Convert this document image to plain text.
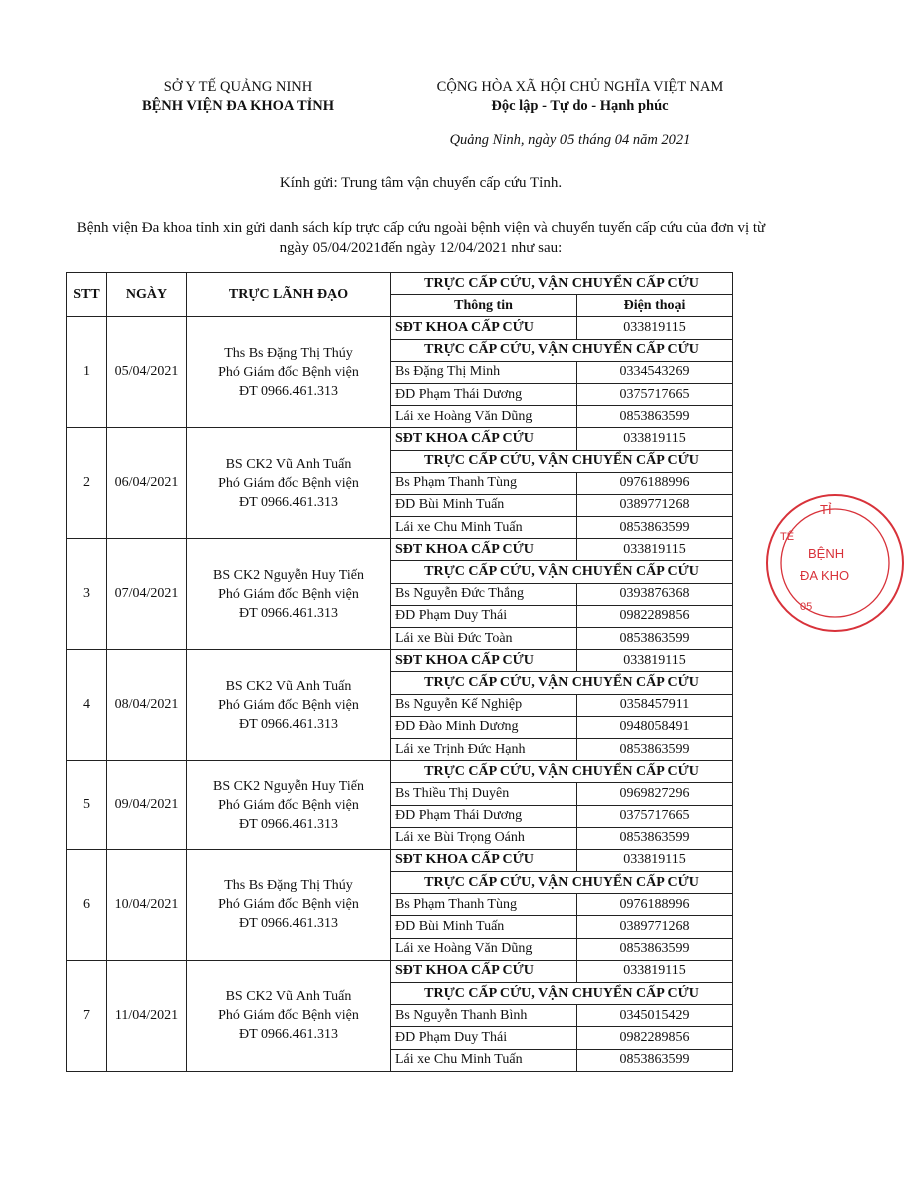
SỞ Y TẾ QUẢNG NINH
BỆNH VIỆN ĐA KHOA TỈNH
CỘNG HÒA XÃ HỘI CHỦ NGHĨA VIỆT NAM
Độc lập - Tự do - Hạnh phúc
Quảng Ninh, ngày 05 tháng 04 năm 2021
Kính gửi: Trung tâm vận chuyển cấp cứu Tỉnh.
Bệnh viện Đa khoa tỉnh xin gửi danh sách kíp trực cấp cứu ngoài bệnh viện và chuyển tuyến cấp cứu của đơn vị từ ngày 05/04/2021đến ngày 12/04/2021 như sau:
STT	NGÀY	TRỰC LÃNH ĐẠO	TRỰC CẤP CỨU, VẬN CHUYỂN CẤP CỨU	
			Thông tin	Điện thoại
1	05/04/2021	Ths Bs Đặng Thị Thúy
Phó Giám đốc Bệnh viện
ĐT 0966.461.313	SĐT KHOA CẤP CỨU	033819115
			TRỰC CẤP CỨU, VẬN CHUYỂN CẤP CỨU	
			Bs Đặng Thị Minh	0334543269
			ĐD Phạm Thái Dương	0375717665
			Lái xe Hoàng Văn Dũng	0853863599
2	06/04/2021	BS CK2 Vũ Anh Tuấn
Phó Giám đốc Bệnh viện
ĐT 0966.461.313	SĐT KHOA CẤP CỨU	033819115
			TRỰC CẤP CỨU, VẬN CHUYỂN CẤP CỨU	
			Bs Phạm Thanh Tùng	0976188996
			ĐD Bùi Minh Tuấn	0389771268
			Lái xe Chu Minh Tuấn	0853863599
3	07/04/2021	BS CK2 Nguyễn Huy Tiến
Phó Giám đốc Bệnh viện
ĐT 0966.461.313	SĐT KHOA CẤP CỨU	033819115
			TRỰC CẤP CỨU, VẬN CHUYỂN CẤP CỨU	
			Bs Nguyễn Đức Thắng	0393876368
			ĐD Phạm Duy Thái	0982289856
			Lái xe Bùi Đức Toàn	0853863599
4	08/04/2021	BS CK2 Vũ Anh Tuấn
Phó Giám đốc Bệnh viện
ĐT 0966.461.313	SĐT KHOA CẤP CỨU	033819115
			TRỰC CẤP CỨU, VẬN CHUYỂN CẤP CỨU	
			Bs Nguyễn Kế Nghiệp	0358457911
			ĐD Đào Minh Dương	0948058491
			Lái xe Trịnh Đức Hạnh	0853863599
5	09/04/2021	BS CK2 Nguyễn Huy Tiến
Phó Giám đốc Bệnh viện
ĐT 0966.461.313	TRỰC CẤP CỨU, VẬN CHUYỂN CẤP CỨU	
			Bs Thiều Thị Duyên	0969827296
			ĐD Phạm Thái Dương	0375717665
			Lái xe Bùi Trọng Oánh	0853863599
6	10/04/2021	Ths Bs Đặng Thị Thúy
Phó Giám đốc Bệnh viện
ĐT 0966.461.313	SĐT KHOA CẤP CỨU	033819115
			TRỰC CẤP CỨU, VẬN CHUYỂN CẤP CỨU	
			Bs Phạm Thanh Tùng	0976188996
			ĐD Bùi Minh Tuấn	0389771268
			Lái xe Hoàng Văn Dũng	0853863599
7	11/04/2021	BS CK2 Vũ Anh Tuấn
Phó Giám đốc Bệnh viện
ĐT 0966.461.313	SĐT KHOA CẤP CỨU	033819115
			TRỰC CẤP CỨU, VẬN CHUYỂN CẤP CỨU	
			Bs Nguyễn Thanh Bình	0345015429
			ĐD Phạm Duy Thái	0982289856
			Lái xe Chu Minh Tuấn	0853863599
TỈ
BỆNH
ĐA KHO
TẾ
05
